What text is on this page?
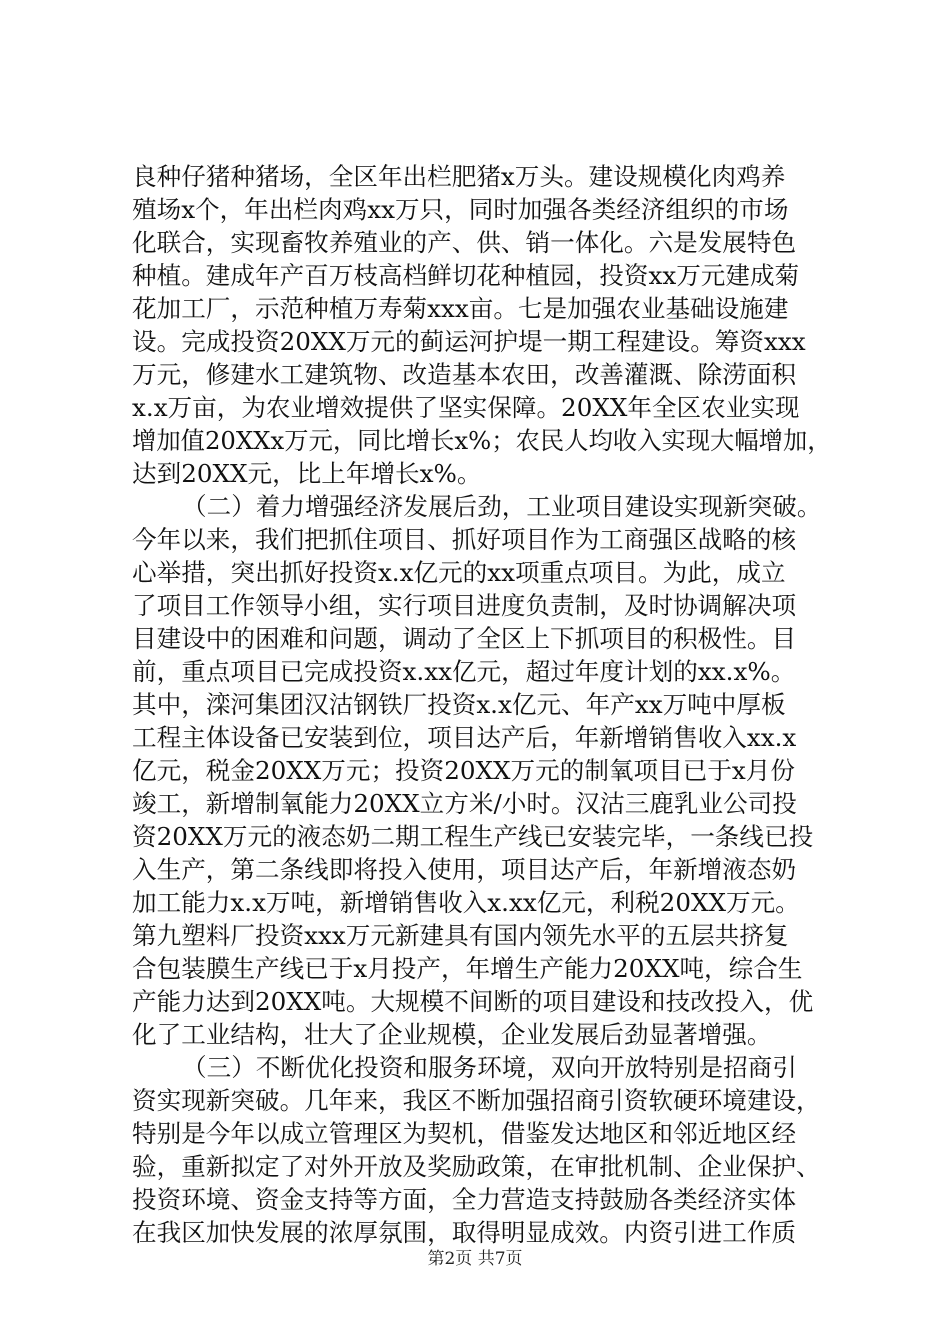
良种仔猪种猪场，全区年出栏肥猪x万头。建设规模化肉鸡养
殖场x个，年出栏肉鸡xx万只，同时加强各类经济组织的市场
化联合，实现畜牧养殖业的产、供、销一体化。六是发展特色
种植。建成年产百万枝高档鲜切花种植园，投资xx万元建成菊
花加工厂，示范种植万寿菊xxx亩。七是加强农业基础设施建
设。完成投资20XX万元的蓟运河护堤一期工程建设。筹资xxx
万元，修建水工建筑物、改造基本农田，改善灌溉、除涝面积
x.x万亩，为农业增效提供了坚实保障。20XX年全区农业实现
增加值20XXx万元，同比增长x%；农民人均收入实现大幅增加，
达到20XX元，比上年增长x%。
（二）着力增强经济发展后劲，工业项目建设实现新突破。
今年以来，我们把抓住项目、抓好项目作为工商强区战略的核
心举措，突出抓好投资x.x亿元的xx项重点项目。为此，成立
了项目工作领导小组，实行项目进度负责制，及时协调解决项
目建设中的困难和问题，调动了全区上下抓项目的积极性。目
前，重点项目已完成投资x.xx亿元，超过年度计划的xx.x%。
其中，滦河集团汉沽钢铁厂投资x.x亿元、年产xx万吨中厚板
工程主体设备已安装到位，项目达产后，年新增销售收入xx.x
亿元，税金20XX万元；投资20XX万元的制氧项目已于x月份
竣工，新增制氧能力20XX立方米/小时。汉沽三鹿乳业公司投
资20XX万元的液态奶二期工程生产线已安装完毕，一条线已投
入生产，第二条线即将投入使用，项目达产后，年新增液态奶
加工能力x.x万吨，新增销售收入x.xx亿元，利税20XX万元。
第九塑料厂投资xxx万元新建具有国内领先水平的五层共挤复
合包装膜生产线已于x月投产，年增生产能力20XX吨，综合生
产能力达到20XX吨。大规模不间断的项目建设和技改投入，优
化了工业结构，壮大了企业规模，企业发展后劲显著增强。
（三）不断优化投资和服务环境，双向开放特别是招商引
资实现新突破。几年来，我区不断加强招商引资软硬环境建设，
特别是今年以成立管理区为契机，借鉴发达地区和邻近地区经
验，重新拟定了对外开放及奖励政策，在审批机制、企业保护、
投资环境、资金支持等方面，全力营造支持鼓励各类经济实体
在我区加快发展的浓厚氛围，取得明显成效。内资引进工作质
第2页 共7页
